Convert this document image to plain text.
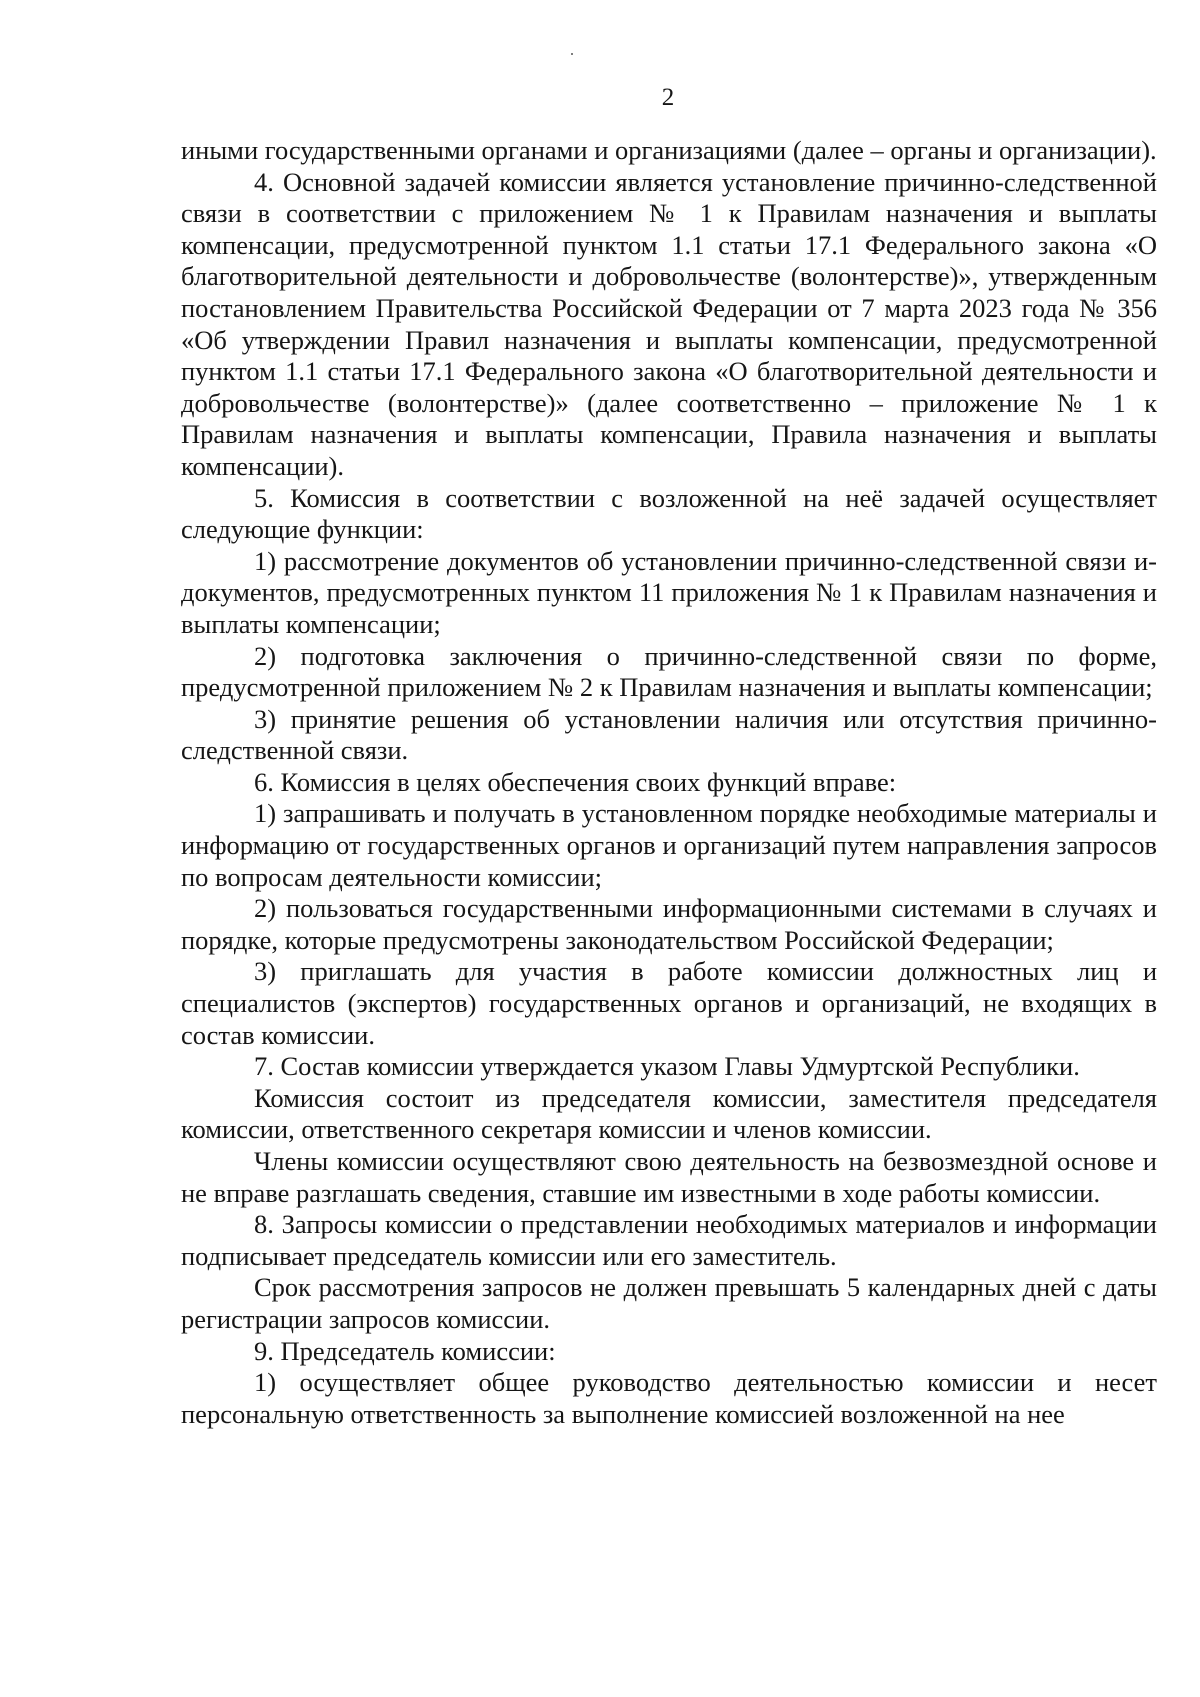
2

иными государственными органами и организациями (далее – органы и организации).

4. Основной задачей комиссии является установление причинно-следственной связи в соответствии с приложением № 1 к Правилам назначения и выплаты компенсации, предусмотренной пунктом 1.1 статьи 17.1 Федерального закона «О благотворительной деятельности и добровольчестве (волонтерстве)», утвержденным постановлением Правительства Российской Федерации от 7 марта 2023 года № 356 «Об утверждении Правил назначения и выплаты компенсации, предусмотренной пунктом 1.1 статьи 17.1 Федерального закона «О благотворительной деятельности и добровольчестве (волонтерстве)» (далее соответственно – приложение № 1 к Правилам назначения и выплаты компенсации, Правила назначения и выплаты компенсации).

5. Комиссия в соответствии с возложенной на неё задачей осуществляет следующие функции:

1) рассмотрение документов об установлении причинно-следственной связи и-документов, предусмотренных пунктом 11 приложения № 1 к Правилам назначения и выплаты компенсации;

2) подготовка заключения о причинно-следственной связи по форме, предусмотренной приложением № 2 к Правилам назначения и выплаты компенсации;

3) принятие решения об установлении наличия или отсутствия причинно-следственной связи.

6. Комиссия в целях обеспечения своих функций вправе:

1) запрашивать и получать в установленном порядке необходимые материалы и информацию от государственных органов и организаций путем направления запросов по вопросам деятельности комиссии;

2) пользоваться государственными информационными системами в случаях и порядке, которые предусмотрены законодательством Российской Федерации;

3) приглашать для участия в работе комиссии должностных лиц и специалистов (экспертов) государственных органов и организаций, не входящих в состав комиссии.

7. Состав комиссии утверждается указом Главы Удмуртской Республики.

Комиссия состоит из председателя комиссии, заместителя председателя комиссии, ответственного секретаря комиссии и членов комиссии.

Члены комиссии осуществляют свою деятельность на безвозмездной основе и не вправе разглашать сведения, ставшие им известными в ходе работы комиссии.

8. Запросы комиссии о представлении необходимых материалов и информации подписывает председатель комиссии или его заместитель.

Срок рассмотрения запросов не должен превышать 5 календарных дней с даты регистрации запросов комиссии.

9. Председатель комиссии:

1) осуществляет общее руководство деятельностью комиссии и несет персональную ответственность за выполнение комиссией возложенной на нее
